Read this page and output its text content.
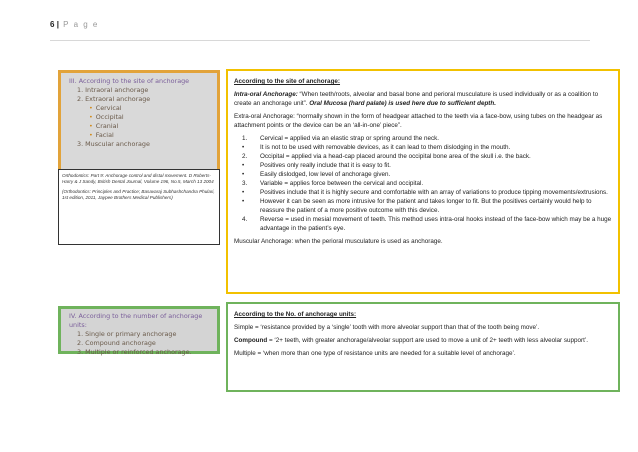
6 | P a g e
III. According to the site of anchorage
1. Intraoral anchorage
2. Extraoral anchorage
• Cervical
• Occipital
• Cranial
• Facial
3. Muscular anchorage

Orthodontics: Part 9: Anchorage control and distal movement. D Roberts-Harry & J Sandy, British Dental Journal, Volume 196, No.5, March 13 2004

(Orthodontics: Principles and Practice; Basavaraj Subhashchandra Phulari, 1st edition, 2011, Jaypee Brothers Medical Publishers)

According to the site of anchorage:

Intra-oral Anchorage: “When teeth/roots, alveolar and basal bone and perioral musculature is used individually or as a coalition to create an anchorage unit”. Oral Mucosa (hard palate) is used here due to sufficient depth.

Extra-oral Anchorage: “normally shown in the form of headgear attached to the teeth via a face-bow, using tubes on the headgear as attachment points or the device can be an ‘all-in-one’ piece”.

1. Cervical = applied via an elastic strap or spring around the neck.
•	It is not to be used with removable devices, as it can lead to them dislodging in the mouth.
2. Occipital = applied via a head-cap placed around the occipital bone area of the skull i.e. the back.
•	Positives only really include that it is easy to fit.
•	Easily dislodged, low level of anchorage given.
3. Variable = applies force between the cervical and occipital.
•	Positives include that it is highly secure and comfortable with an array of variations to produce tipping movements/extrusions.
•	However it can be seen as more intrusive for the patient and takes longer to fit. But the positives certainly would help to reassure the patient of a more positive outcome with this device.
4. Reverse = used in mesial movement of teeth. This method uses intra-oral hooks instead of the face-bow which may be a huge advantage in the patient’s eye.

Muscular Anchorage: when the perioral musculature is used as anchorage.

IV. According to the number of anchorage units:
1. Single or primary anchorage
2. Compound anchorage
3. Multiple or reinforced anchorage.

According to the No. of anchorage units:

Simple = ‘resistance provided by a ‘single’ tooth with more alveolar support than that of the tooth being move’.

Compound = ‘2+ teeth, with greater anchorage/alveolar support are used to move a unit of 2+ teeth with less alveolar support’.

Multiple = ‘when more than one type of resistance units are needed for a suitable level of anchorage’.
